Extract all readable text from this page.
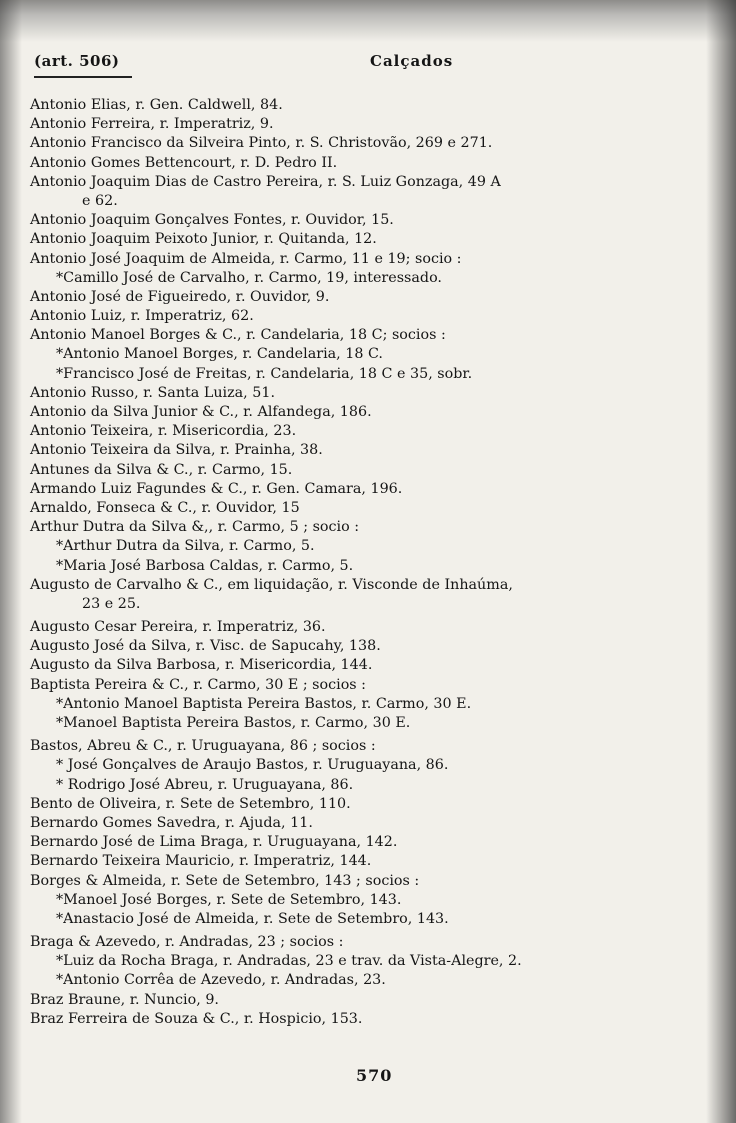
(art. 506)	Calçados
Antonio Elias, r. Gen. Caldwell, 84.
Antonio Ferreira, r. Imperatriz, 9.
Antonio Francisco da Silveira Pinto, r. S. Christovão, 269 e 271.
Antonio Gomes Bettencourt, r. D. Pedro II.
Antonio Joaquim Dias de Castro Pereira, r. S. Luiz Gonzaga, 49 A
e 62.
Antonio Joaquim Gonçalves Fontes, r. Ouvidor, 15.
Antonio Joaquim Peixoto Junior, r. Quitanda, 12.
Antonio José Joaquim de Almeida, r. Carmo, 11 e 19; socio :
*Camillo José de Carvalho, r. Carmo, 19, interessado.
Antonio José de Figueiredo, r. Ouvidor, 9.
Antonio Luiz, r. Imperatriz, 62.
Antonio Manoel Borges & C., r. Candelaria, 18 C; socios :
*Antonio Manoel Borges, r. Candelaria, 18 C.
*Francisco José de Freitas, r. Candelaria, 18 C e 35, sobr.
Antonio Russo, r. Santa Luiza, 51.
Antonio da Silva Junior & C., r. Alfandega, 186.
Antonio Teixeira, r. Misericordia, 23.
Antonio Teixeira da Silva, r. Prainha, 38.
Antunes da Silva & C., r. Carmo, 15.
Armando Luiz Fagundes & C., r. Gen. Camara, 196.
Arnaldo, Fonseca & C., r. Ouvidor, 15
Arthur Dutra da Silva &,, r. Carmo, 5 ; socio :
*Arthur Dutra da Silva, r. Carmo, 5.
*Maria José Barbosa Caldas, r. Carmo, 5.
Augusto de Carvalho & C., em liquidação, r. Visconde de Inhaúma,
23 e 25.
Augusto Cesar Pereira, r. Imperatriz, 36.
Augusto José da Silva, r. Visc. de Sapucahy, 138.
Augusto da Silva Barbosa, r. Misericordia, 144.
Baptista Pereira & C., r. Carmo, 30 E ; socios :
*Antonio Manoel Baptista Pereira Bastos, r. Carmo, 30 E.
*Manoel Baptista Pereira Bastos, r. Carmo, 30 E.
Bastos, Abreu & C., r. Uruguayana, 86 ; socios :
* José Gonçalves de Araujo Bastos, r. Uruguayana, 86.
* Rodrigo José Abreu, r. Uruguayana, 86.
Bento de Oliveira, r. Sete de Setembro, 110.
Bernardo Gomes Savedra, r. Ajuda, 11.
Bernardo José de Lima Braga, r. Uruguayana, 142.
Bernardo Teixeira Mauricio, r. Imperatriz, 144.
Borges & Almeida, r. Sete de Setembro, 143 ; socios :
*Manoel José Borges, r. Sete de Setembro, 143.
*Anastacio José de Almeida, r. Sete de Setembro, 143.
Braga & Azevedo, r. Andradas, 23 ; socios :
*Luiz da Rocha Braga, r. Andradas, 23 e trav. da Vista-Alegre, 2.
*Antonio Corrêa de Azevedo, r. Andradas, 23.
Braz Braune, r. Nuncio, 9.
Braz Ferreira de Souza & C., r. Hospicio, 153.
570
